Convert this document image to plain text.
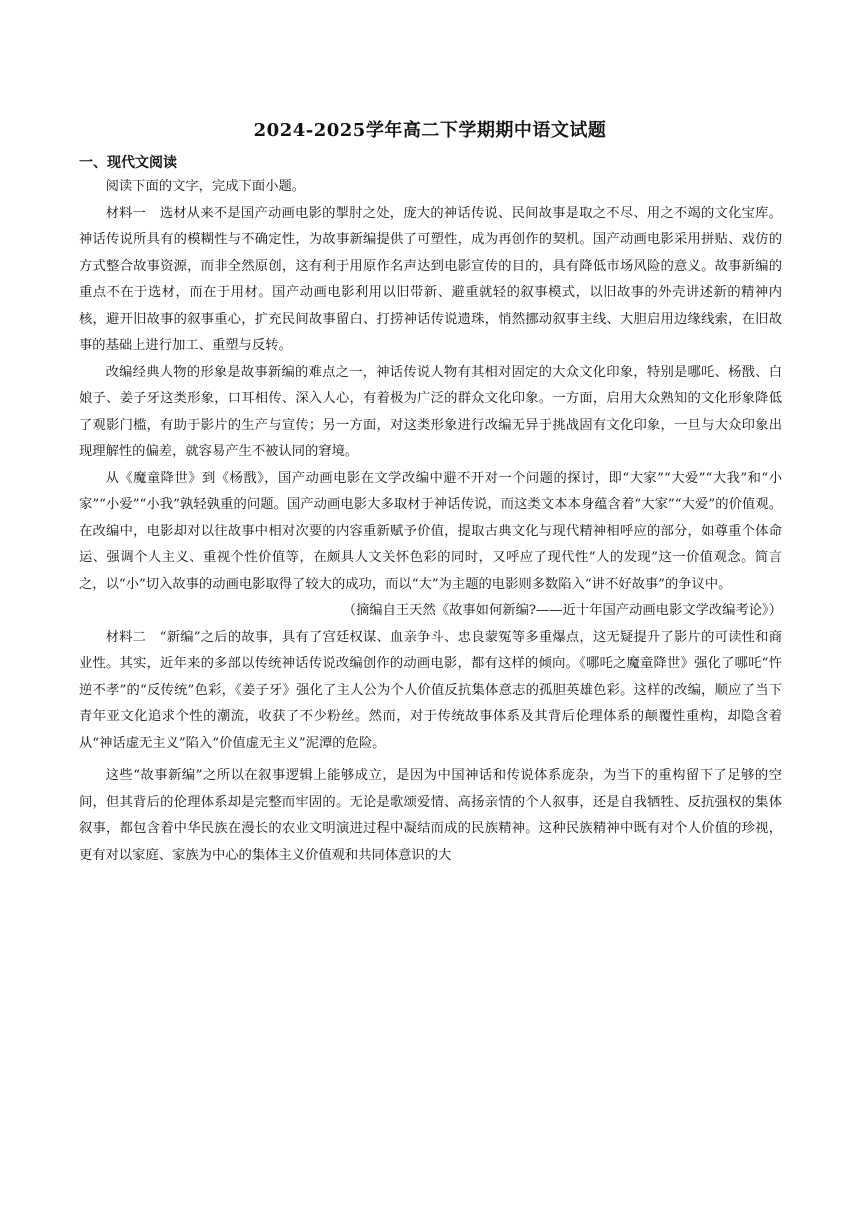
2024-2025学年高二下学期期中语文试题
一、现代文阅读

阅读下面的文字，完成下面小题。

材料一　选材从来不是国产动画电影的掣肘之处，庞大的神话传说、民间故事是取之不尽、用之不竭的文化宝库。神话传说所具有的模糊性与不确定性，为故事新编提供了可塑性，成为再创作的契机。国产动画电影采用拼贴、戏仿的方式整合故事资源，而非全然原创，这有利于用原作名声达到电影宣传的目的，具有降低市场风险的意义。故事新编的重点不在于选材，而在于用材。国产动画电影利用以旧带新、避重就轻的叙事模式，以旧故事的外壳讲述新的精神内核，避开旧故事的叙事重心，扩充民间故事留白、打捞神话传说遗珠，悄然挪动叙事主线、大胆启用边缘线索，在旧故事的基础上进行加工、重塑与反转。

改编经典人物的形象是故事新编的难点之一，神话传说人物有其相对固定的大众文化印象，特别是哪吒、杨戬、白娘子、姜子牙这类形象，口耳相传、深入人心，有着极为广泛的群众文化印象。一方面，启用大众熟知的文化形象降低了观影门槛，有助于影片的生产与宣传；另一方面，对这类形象进行改编无异于挑战固有文化印象，一旦与大众印象出现理解性的偏差，就容易产生不被认同的窘境。

从《魔童降世》到《杨戬》，国产动画电影在文学改编中避不开对一个问题的探讨，即“大家”“大爱”“大我”和“小家”“小爱”“小我”孰轻孰重的问题。国产动画电影大多取材于神话传说，而这类文本本身蕴含着“大家”“大爱”的价值观。在改编中，电影却对以往故事中相对次要的内容重新赋予价值，提取古典文化与现代精神相呼应的部分，如尊重个体命运、强调个人主义、重视个性价值等，在颇具人文关怀色彩的同时，又呼应了现代性“人的发现”这一价值观念。简言之，以“小”切入故事的动画电影取得了较大的成功，而以“大”为主题的电影则多数陷入“讲不好故事”的争议中。

（摘编自王天然《故事如何新编?——近十年国产动画电影文学改编考论》）

材料二　“新编”之后的故事，具有了宫廷权谋、血亲争斗、忠良蒙冤等多重爆点，这无疑提升了影片的可读性和商业性。其实，近年来的多部以传统神话传说改编创作的动画电影，都有这样的倾向。《哪吒之魔童降世》强化了哪吒“忤逆不孝”的“反传统”色彩，《姜子牙》强化了主人公为个人价值反抗集体意志的孤胆英雄色彩。这样的改编，顺应了当下青年亚文化追求个性的潮流，收获了不少粉丝。然而，对于传统故事体系及其背后伦理体系的颠覆性重构，却隐含着从“神话虚无主义”陷入“价值虚无主义”泥潭的危险。

这些“故事新编”之所以在叙事逻辑上能够成立，是因为中国神话和传说体系庞杂，为当下的重构留下了足够的空间，但其背后的伦理体系却是完整而牢固的。无论是歌颂爱情、高扬亲情的个人叙事，还是自我牺牲、反抗强权的集体叙事，都包含着中华民族在漫长的农业文明演进过程中凝结而成的民族精神。这种民族精神中既有对个人价值的珍视，更有对以家庭、家族为中心的集体主义价值观和共同体意识的大
